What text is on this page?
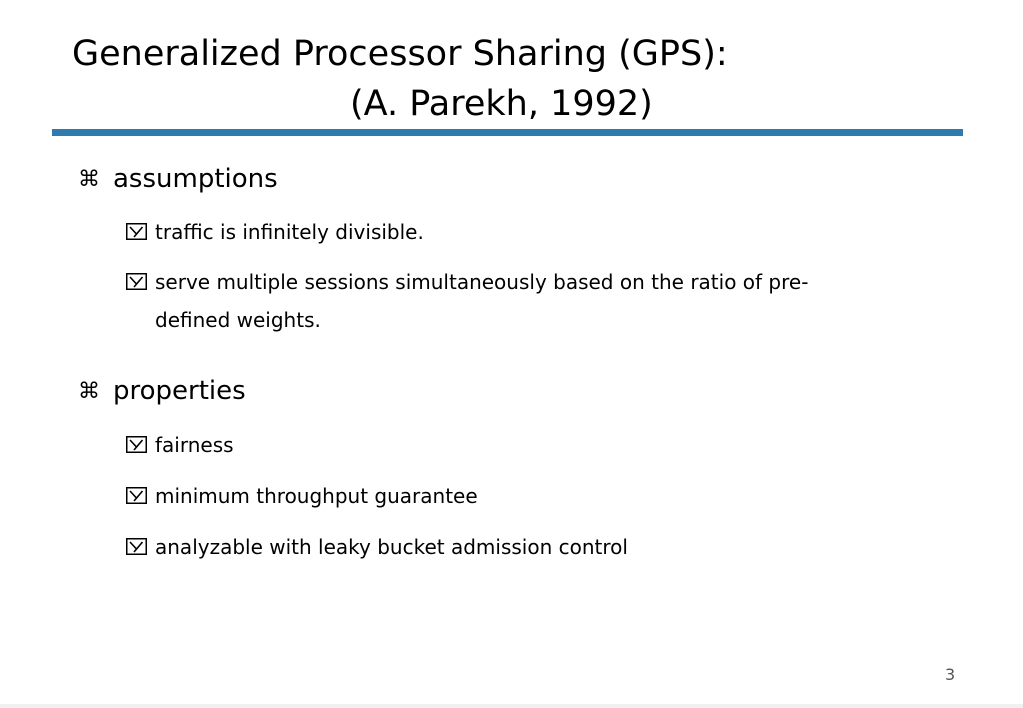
Generalized Processor Sharing (GPS):
(A. Parekh, 1992)
⌘ assumptions
traffic is infinitely divisible.
serve multiple sessions simultaneously based on the ratio of pre-
defined weights.
⌘ properties
fairness
minimum throughput guarantee
analyzable with leaky bucket admission control
3
